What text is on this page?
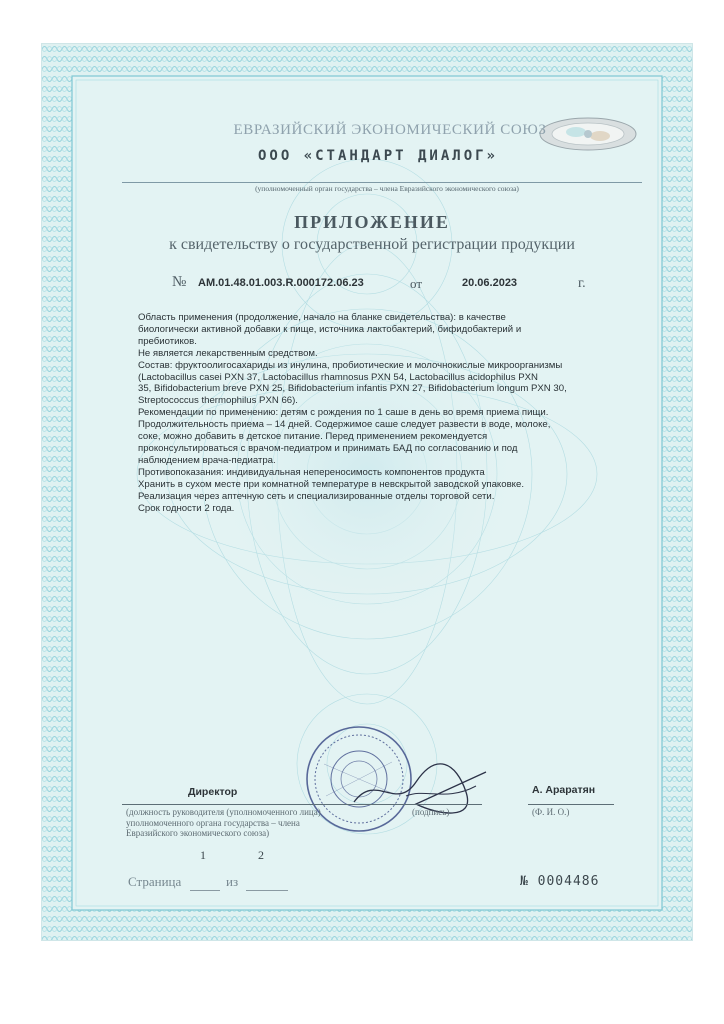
ЕВРАЗИЙСКИЙ ЭКОНОМИЧЕСКИЙ СОЮЗ
ООО «СТАНДАРТ ДИАЛОГ»
(уполномоченный орган государства – члена Евразийского экономического союза)
ПРИЛОЖЕНИЕ
к свидетельству о государственной регистрации продукции
№ AM.01.48.01.003.R.000172.06.23	от	20.06.2023	г.
Область применения (продолжение, начало на бланке свидетельства): в качестве
биологически активной добавки к пище, источника лактобактерий, бифидобактерий и
пребиотиков.
Не является лекарственным средством.
Состав: фруктоолигосахариды из инулина, пробиотические и молочнокислые микроорганизмы
(Lactobacillus casei PXN 37, Lactobacillus rhamnosus PXN 54, Lactobacillus acidophilus PXN
35, Bifidobacterium breve PXN 25, Bifidobacterium infantis PXN 27, Bifidobacterium longum PXN 30,
Streptococcus thermophilus PXN 66).
Рекомендации по применению: детям с рождения по 1 саше в день во время приема пищи.
Продолжительность приема – 14 дней. Содержимое саше следует развести в воде, молоке,
соке, можно добавить в детское питание. Перед применением рекомендуется
проконсультироваться с врачом-педиатром и принимать БАД по согласованию и под
наблюдением врача-педиатра.
Противопоказания: индивидуальная непереносимость компонентов продукта
Хранить в сухом месте при комнатной температуре в невскрытой заводской упаковке.
Реализация через аптечную сеть и специализированные отделы торговой сети.
Срок годности 2 года.
Директор	А. Араратян
(должность руководителя (уполномоченного лица) уполномоченного органа государства – члена Евразийского экономического союза)
(подпись)	(Ф. И. О.)
1	2
Страница	из	№ 0004486
